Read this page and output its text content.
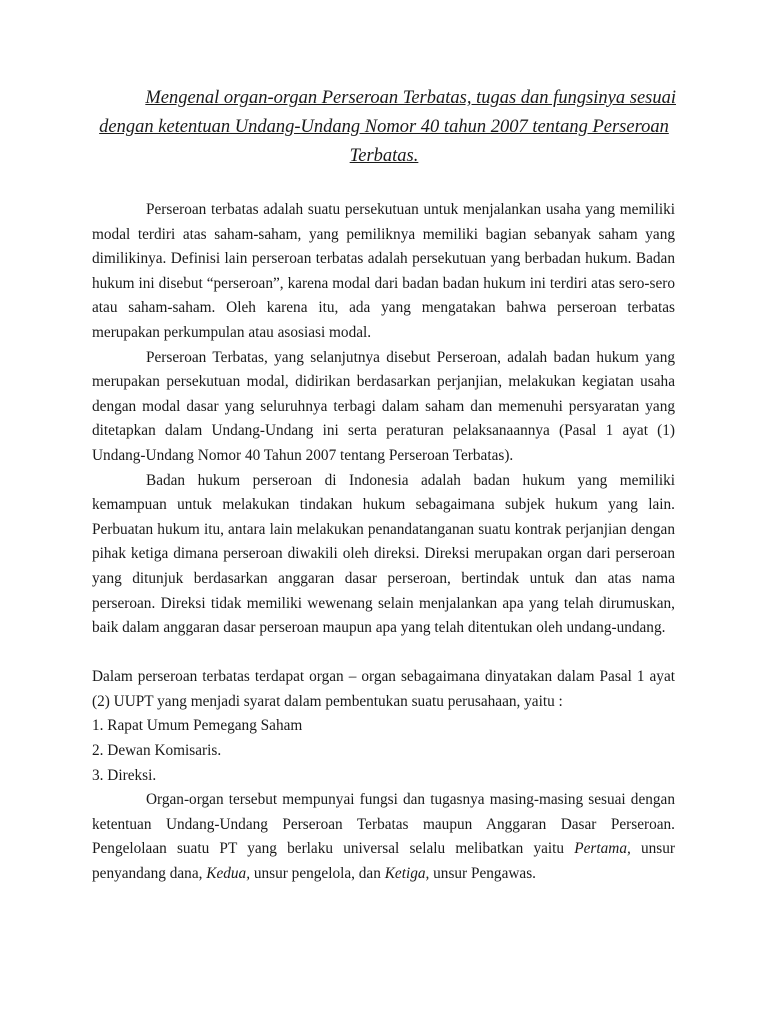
Mengenal organ-organ Perseroan Terbatas, tugas dan fungsinya sesuai
dengan ketentuan Undang-Undang Nomor 40 tahun 2007 tentang Perseroan
Terbatas.

Perseroan terbatas adalah suatu persekutuan untuk menjalankan usaha yang memiliki modal terdiri atas saham-saham, yang pemiliknya memiliki bagian sebanyak saham yang dimilikinya. Definisi lain perseroan terbatas adalah persekutuan yang berbadan hukum. Badan hukum ini disebut “perseroan”, karena modal dari badan badan hukum ini terdiri atas sero-sero atau saham-saham. Oleh karena itu, ada yang mengatakan bahwa perseroan terbatas merupakan perkumpulan atau asosiasi modal.

Perseroan Terbatas, yang selanjutnya disebut Perseroan, adalah badan hukum yang merupakan persekutuan modal, didirikan berdasarkan perjanjian, melakukan kegiatan usaha dengan modal dasar yang seluruhnya terbagi dalam saham dan memenuhi persyaratan yang ditetapkan dalam Undang-Undang ini serta peraturan pelaksanaannya (Pasal 1 ayat (1) Undang-Undang Nomor 40 Tahun 2007 tentang Perseroan Terbatas).

Badan hukum perseroan di Indonesia adalah badan hukum yang memiliki kemampuan untuk melakukan tindakan hukum sebagaimana subjek hukum yang lain. Perbuatan hukum itu, antara lain melakukan penandatanganan suatu kontrak perjanjian dengan pihak ketiga dimana perseroan diwakili oleh direksi. Direksi merupakan organ dari perseroan yang ditunjuk berdasarkan anggaran dasar perseroan, bertindak untuk dan atas nama perseroan. Direksi tidak memiliki wewenang selain menjalankan apa yang telah dirumuskan, baik dalam anggaran dasar perseroan maupun apa yang telah ditentukan oleh undang-undang.

Dalam perseroan terbatas terdapat organ – organ sebagaimana dinyatakan dalam Pasal 1 ayat (2) UUPT yang menjadi syarat dalam pembentukan suatu perusahaan, yaitu :

1. Rapat Umum Pemegang Saham

2. Dewan Komisaris.

3. Direksi.

Organ-organ tersebut mempunyai fungsi dan tugasnya masing-masing sesuai dengan ketentuan Undang-Undang Perseroan Terbatas maupun Anggaran Dasar Perseroan. Pengelolaan suatu PT yang berlaku universal selalu melibatkan yaitu Pertama, unsur penyandang dana, Kedua, unsur pengelola, dan Ketiga, unsur Pengawas.
